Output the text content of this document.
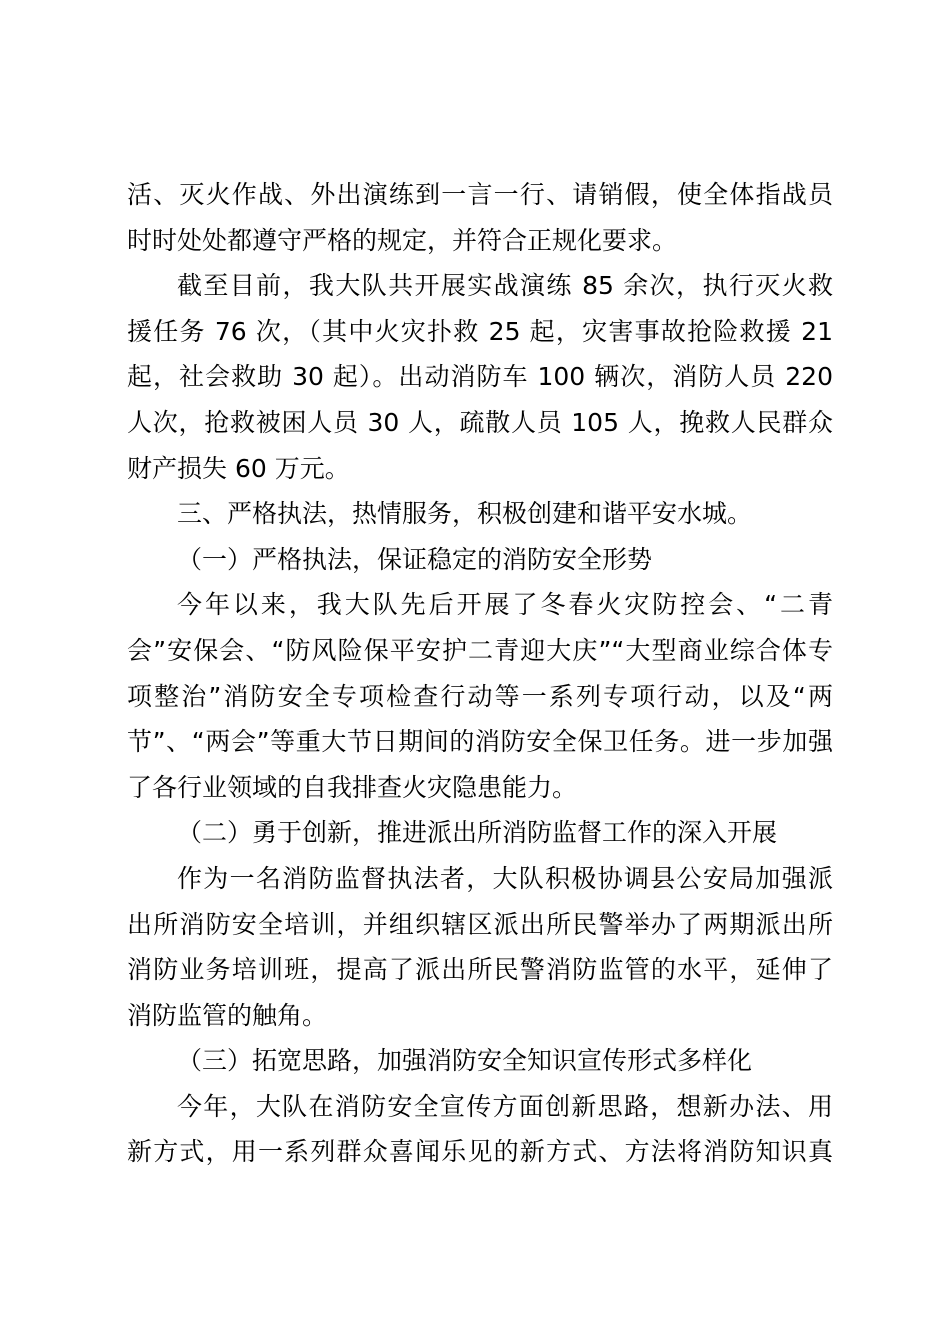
活、灭火作战、外出演练到一言一行、请销假，使全体指战员
时时处处都遵守严格的规定，并符合正规化要求。
截至目前，我大队共开展实战演练 85 余次，执行灭火救
援任务 76 次，（其中火灾扑救 25 起，灾害事故抢险救援 21
起，社会救助 30 起）。出动消防车 100 辆次，消防人员 220
人次，抢救被困人员 30 人，疏散人员 105 人，挽救人民群众
财产损失 60 万元。
三、严格执法，热情服务，积极创建和谐平安水城。
（一）严格执法，保证稳定的消防安全形势
今年以来，我大队先后开展了冬春火灾防控会、“二青
会”安保会、“防风险保平安护二青迎大庆”“大型商业综合体专
项整治”消防安全专项检查行动等一系列专项行动，以及“两
节”、“两会”等重大节日期间的消防安全保卫任务。进一步加强
了各行业领域的自我排查火灾隐患能力。
（二）勇于创新，推进派出所消防监督工作的深入开展
作为一名消防监督执法者，大队积极协调县公安局加强派
出所消防安全培训，并组织辖区派出所民警举办了两期派出所
消防业务培训班，提高了派出所民警消防监管的水平，延伸了
消防监管的触角。
（三）拓宽思路，加强消防安全知识宣传形式多样化
今年，大队在消防安全宣传方面创新思路，想新办法、用
新方式，用一系列群众喜闻乐见的新方式、方法将消防知识真
